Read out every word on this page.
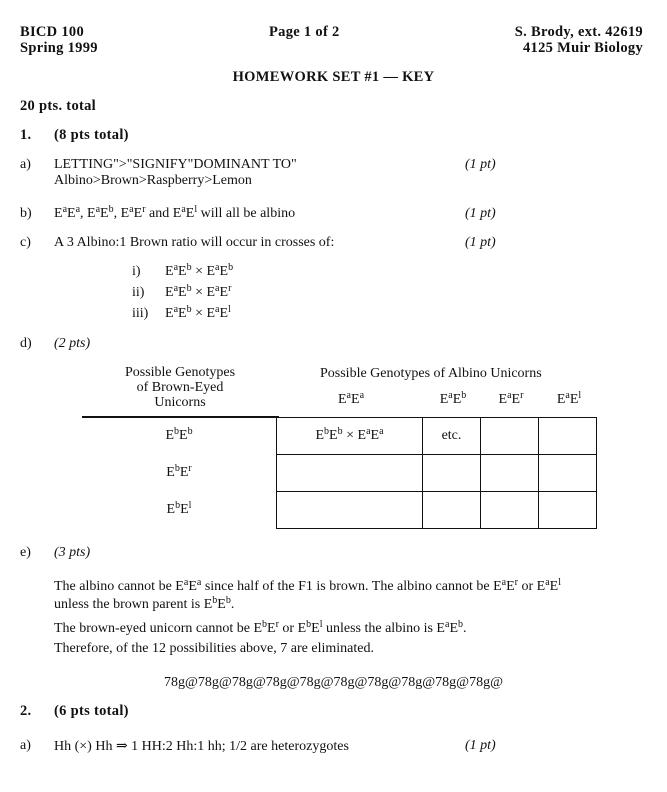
BICD 100
Spring 1999
Page 1 of 2	S. Brody, ext. 42619
4125 Muir Biology
HOMEWORK SET #1 — KEY
20 pts. total
1. (8 pts total)
a) LETTING">"SIGNIFY"DOMINANT TO"
Albino>Brown>Raspberry>Lemon
(1 pt)
b) $E^aE^a$, $E^aE^b$, $E^aE^r$ and $E^aE^l$ will all be albino	(1 pt)
c) A 3 Albino:1 Brown ratio will occur in crosses of:	(1 pt)
i) $E^aE^b \times E^aE^b$
ii) $E^aE^b \times E^aE^r$
iii) $E^aE^b \times E^aE^l$
d) (2 pts)
Possible Genotypes
of Brown-Eyed
Unicorns
Possible Genotypes of Albino Unicorns
$E^aE^a$	$E^aE^b$	$E^aE^r$	$E^aE^l$
$E^bE^b$	$E^bE^b \times E^aE^a$	etc.		
$E^bE^r$				
$E^bE^l$				
e) (3 pts)
The albino cannot be $E^aE^a$ since half of the F1 is brown. The albino cannot be $E^aE^r$ or $E^aE^l$
unless the brown parent is $E^bE^b$.
The brown-eyed unicorn cannot be $E^bE^r$ or $E^bE^l$ unless the albino is $E^aE^b$.
Therefore, of the 12 possibilities above, 7 are eliminated.
78g@78g@78g@78g@78g@78g@78g@78g@78g@78g@
2. (6 pts total)
a) Hh (×) Hh ⇒ 1 HH:2 Hh:1 hh; 1/2 are heterozygotes	(1 pt)
